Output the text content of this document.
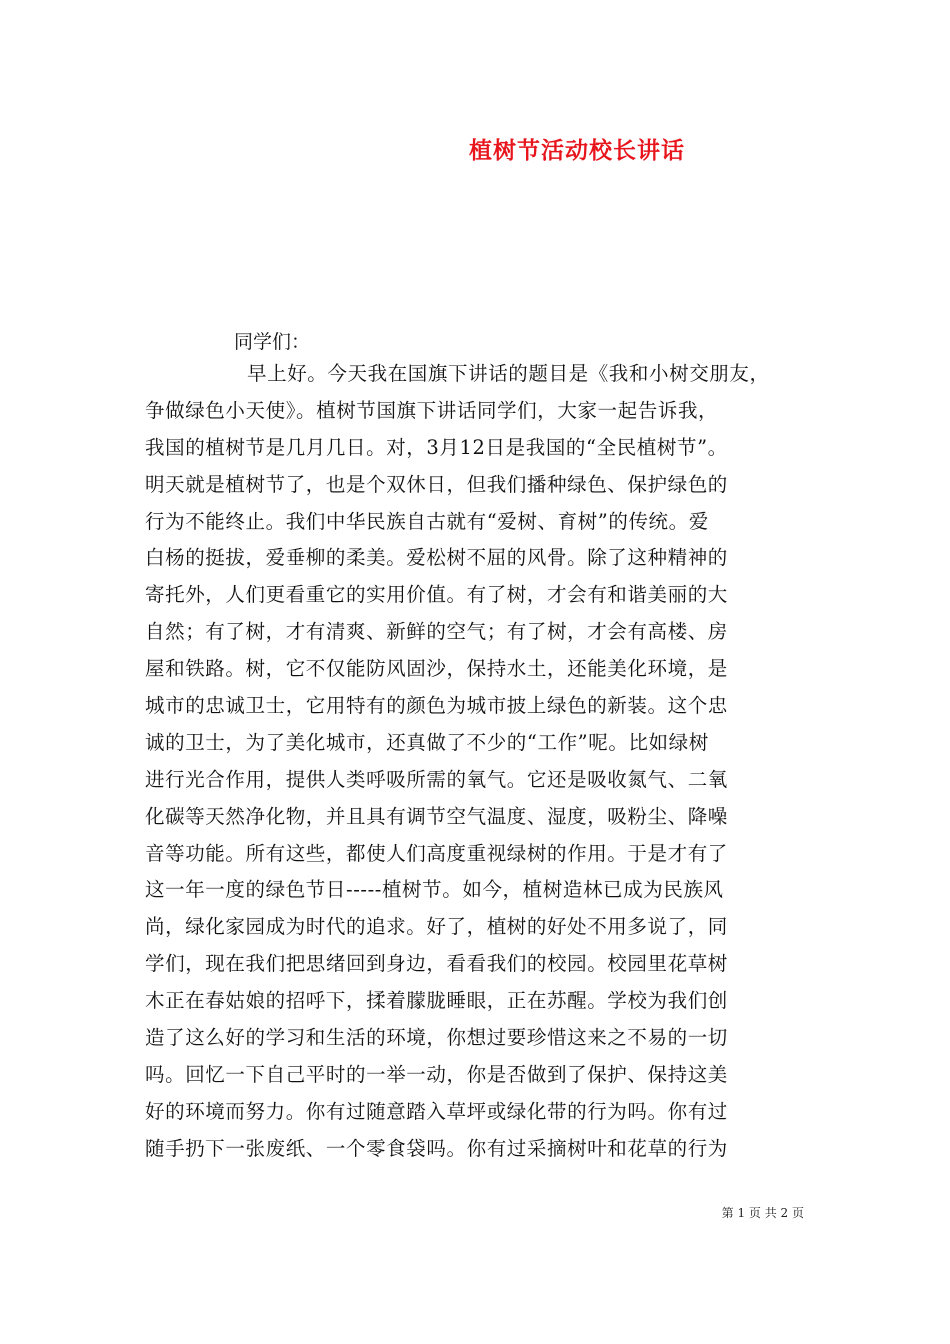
植树节活动校长讲话
同学们：
早上好。今天我在国旗下讲话的题目是《我和小树交朋友，
争做绿色小天使》。植树节国旗下讲话同学们，大家一起告诉我，
我国的植树节是几月几日。对，3月12日是我国的“全民植树节”。
明天就是植树节了，也是个双休日，但我们播种绿色、保护绿色的
行为不能终止。我们中华民族自古就有“爱树、育树”的传统。爱
白杨的挺拔，爱垂柳的柔美。爱松树不屈的风骨。除了这种精神的
寄托外，人们更看重它的实用价值。有了树，才会有和谐美丽的大
自然；有了树，才有清爽、新鲜的空气；有了树，才会有高楼、房
屋和铁路。树，它不仅能防风固沙，保持水土，还能美化环境，是
城市的忠诚卫士，它用特有的颜色为城市披上绿色的新装。这个忠
诚的卫士，为了美化城市，还真做了不少的“工作”呢。比如绿树
进行光合作用，提供人类呼吸所需的氧气。它还是吸收氮气、二氧
化碳等天然净化物，并且具有调节空气温度、湿度，吸粉尘、降噪
音等功能。所有这些，都使人们高度重视绿树的作用。于是才有了
这一年一度的绿色节日-----植树节。如今，植树造林已成为民族风
尚，绿化家园成为时代的追求。好了，植树的好处不用多说了，同
学们，现在我们把思绪回到身边，看看我们的校园。校园里花草树
木正在春姑娘的招呼下，揉着朦胧睡眼，正在苏醒。学校为我们创
造了这么好的学习和生活的环境，你想过要珍惜这来之不易的一切
吗。回忆一下自己平时的一举一动，你是否做到了保护、保持这美
好的环境而努力。你有过随意踏入草坪或绿化带的行为吗。你有过
随手扔下一张废纸、一个零食袋吗。你有过采摘树叶和花草的行为
第 1 页 共 2 页
